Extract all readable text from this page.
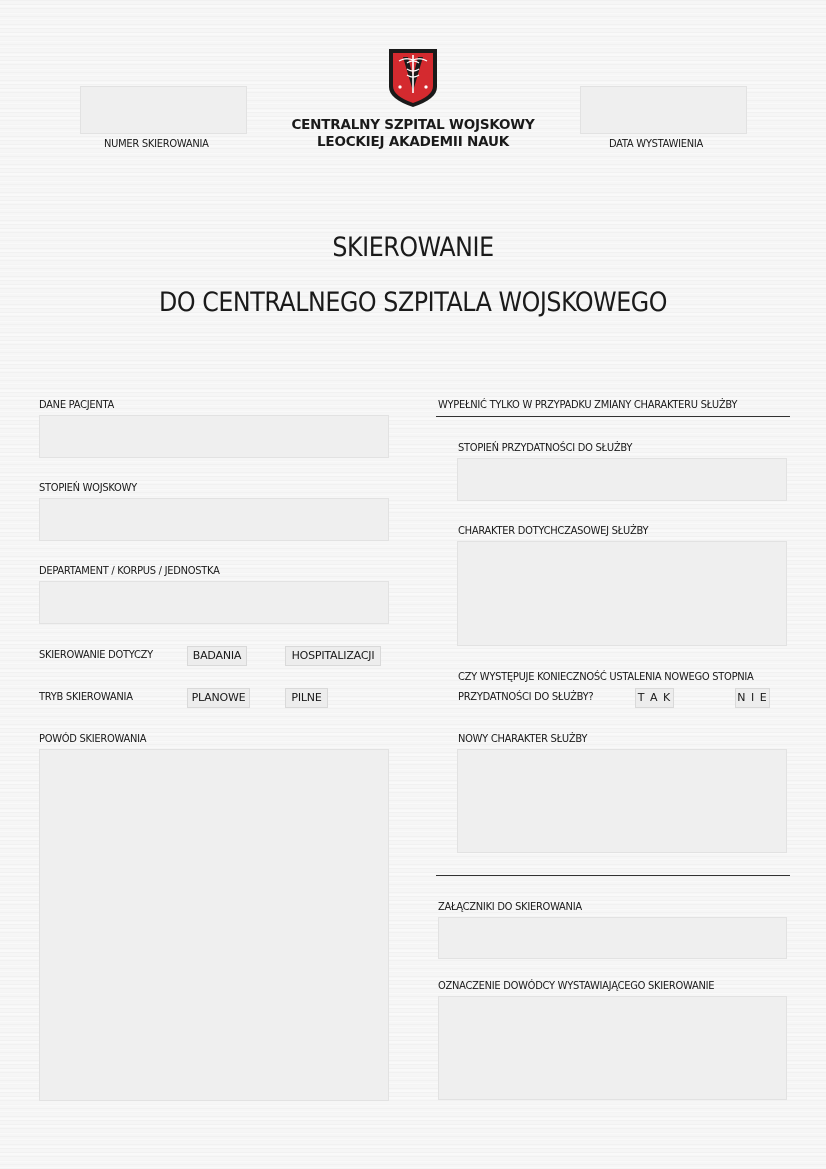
NUMER SKIEROWANIA	DATA WYSTAWIENIA
CENTRALNY SZPITAL WOJSKOWY
LEOCKIEJ AKADEMII NAUK
SKIEROWANIE
DO CENTRALNEGO SZPITALA WOJSKOWEGO
DANE PACJENTA
STOPIEŃ WOJSKOWY
DEPARTAMENT / KORPUS / JEDNOSTKA
SKIEROWANIE DOTYCZY	BADANIA	HOSPITALIZACJI
TRYB SKIEROWANIA	PLANOWE	PILNE
POWÓD SKIEROWANIA
WYPEŁNIĆ TYLKO W PRZYPADKU ZMIANY CHARAKTERU SŁUŻBY
STOPIEŃ PRZYDATNOŚCI DO SŁUŻBY
CHARAKTER DOTYCHCZASOWEJ SŁUŻBY
CZY WYSTĘPUJE KONIECZNOŚĆ USTALENIA NOWEGO STOPNIA
PRZYDATNOŚCI DO SŁUŻBY?	T A K	N I E
NOWY CHARAKTER SŁUŻBY
ZAŁĄCZNIKI DO SKIEROWANIA
OZNACZENIE DOWÓDCY WYSTAWIAJĄCEGO SKIEROWANIE
